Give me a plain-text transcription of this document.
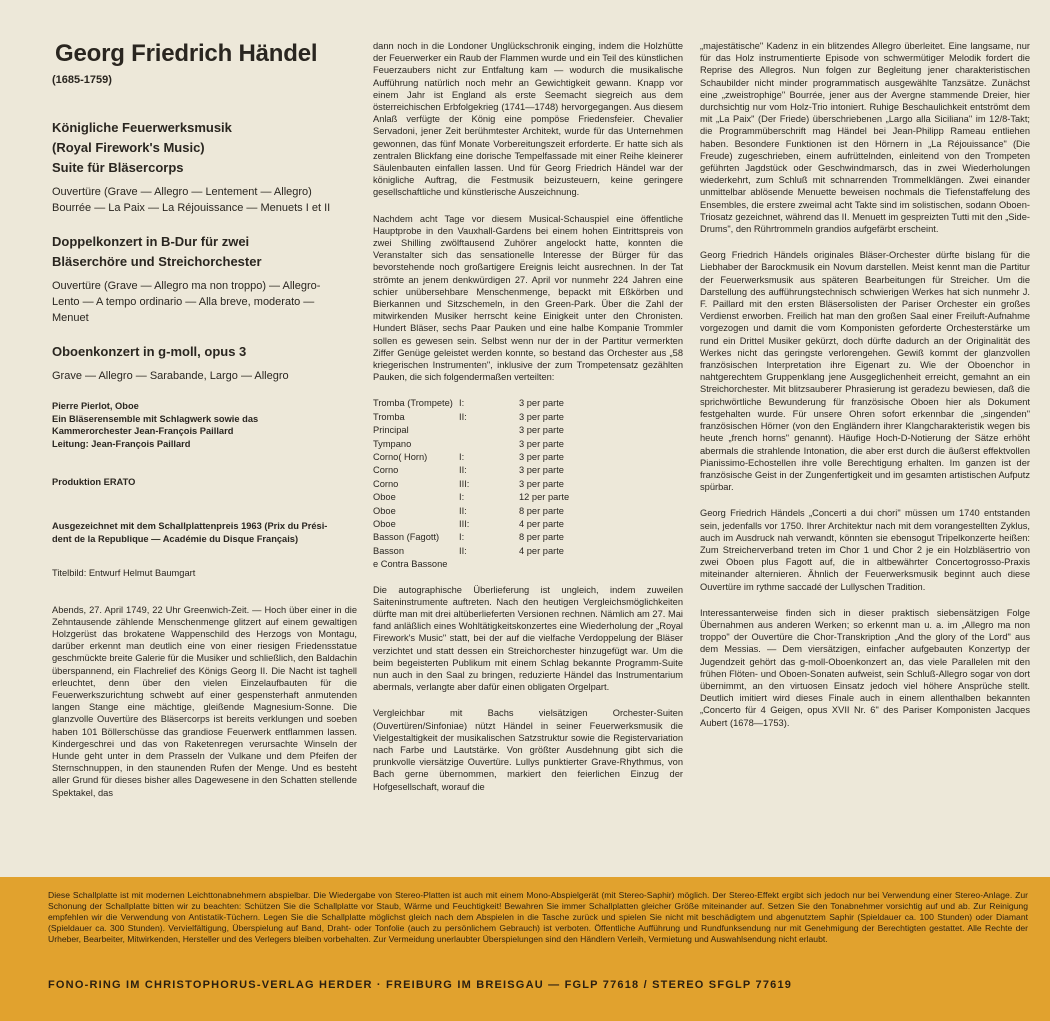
Georg Friedrich Händel
(1685-1759)
Königliche Feuerwerksmusik
(Royal Firework's Music)
Suite für Bläsercorps
Ouvertüre (Grave — Allegro — Lentement — Allegro)
Bourrée — La Paix — La Réjouissance — Menuets I et II
Doppelkonzert in B-Dur für zwei
Bläserchöre und Streichorchester
Ouvertüre (Grave — Allegro ma non troppo) — Allegro-
Lento — A tempo ordinario — Alla breve, moderato —
Menuet
Oboenkonzert in g-moll, opus 3
Grave — Allegro — Sarabande, Largo — Allegro
Pierre Pierlot, Oboe
Ein Bläserensemble mit Schlagwerk sowie das
Kammerorchester Jean-François Paillard
Leitung: Jean-François Paillard
Produktion ERATO
Ausgezeichnet mit dem Schallplattenpreis 1963 (Prix du Prési-
dent de la Republique — Académie du Disque Français)
Titelbild: Entwurf Helmut Baumgart

Abends, 27. April 1749, 22 Uhr Greenwich-Zeit. — Hoch über einer in die Zehntausende zählende Menschenmenge glitzert auf einem gewaltigen Holzgerüst das brokatene Wappenschild des Herzogs von Montagu, darüber erkennt man deutlich eine von einer riesigen Friedensstatue geschmückte breite Galerie für die Musiker und schließlich, den Baldachin überspannend, ein Flachrelief des Königs Georg II. Die Nacht ist taghell erleuchtet, denn über den vielen Einzelaufbauten für die Feuerwerkszurichtung schwebt auf einer gespensterhaft anmutenden langen Stange eine mächtige, gleißende Magnesium-Sonne. Die glanzvolle Ouvertüre des Bläsercorps ist bereits verklungen und soeben haben 101 Böllerschüsse das grandiose Feuerwerk entflammen lassen. Kindergeschrei und das von Raketenregen verursachte Winseln der Hunde geht unter in dem Prasseln der Vulkane und dem Pfeifen der Sternschnuppen, in den staunenden Rufen der Menge. Und es besteht aller Grund für dieses bisher alles Dagewesene in den Schatten stellende Spektakel, das

dann noch in die Londoner Unglückschronik einging, indem die Holzhütte der Feuerwerker ein Raub der Flammen wurde und ein Teil des künstlichen Feuerzaubers nicht zur Entfaltung kam — wodurch die musikalische Aufführung natürlich noch mehr an Gewichtigkeit gewann. Knapp vor einem Jahr ist England als erste Seemacht siegreich aus dem österreichischen Erbfolgekrieg (1741—1748) hervorgegangen. Aus diesem Anlaß verfügte der König eine pompöse Friedensfeier. Chevalier Servadoni, jener Zeit berühmtester Architekt, wurde für das Unternehmen gewonnen, das fünf Monate Vorbereitungszeit erforderte. Er hatte sich als zentralen Blickfang eine dorische Tempelfassade mit einer Reihe kleinerer Säulenbauten einfallen lassen. Und für Georg Friedrich Händel war der königliche Auftrag, die Festmusik beizusteuern, keine geringere gesellschaftliche und künstlerische Auszeichnung.

Nachdem acht Tage vor diesem Musical-Schauspiel eine öffentliche Hauptprobe in den Vauxhall-Gardens bei einem hohen Eintrittspreis von zwei Shilling zwölftausend Zuhörer angelockt hatte, konnten die Veranstalter sich das sensationelle Interesse der Bürger für das bevorstehende noch großartigere Ereignis leicht ausrechnen. In der Tat strömte an jenem denkwürdigen 27. April vor nunmehr 224 Jahren eine schier unübersehbare Menschenmenge, bepackt mit Eßkörben und Bierkannen und Sitzschemeln, in den Green-Park. Über die Zahl der mitwirkenden Musiker herrscht keine Einigkeit unter den Chronisten. Hundert Bläser, sechs Paar Pauken und eine halbe Kompanie Trommler sollen es gewesen sein. Selbst wenn nur der in der Partitur vermerkten Ziffer Genüge geleistet werden konnte, so bestand das Orchester aus „58 kriegerischen Instrumenten", inklusive der zum Trompetensatz gezählten Pauken, die sich folgendermaßen verteilten:

Tromba (Trompete) I:	3 per parte
Tromba	II:	3 per parte
Principal	3 per parte
Tympano	3 per parte
Corno( Horn)	I:	3 per parte
Corno	II:	3 per parte
Corno	III:	3 per parte
Oboe	I:	12 per parte
Oboe	II:	8 per parte
Oboe	III:	4 per parte
Basson (Fagott)	I:	8 per parte
Basson	II:	4 per parte
e Contra Bassone

Die autographische Überlieferung ist ungleich, indem zuweilen Saiteninstrumente auftreten. Nach den heutigen Vergleichsmöglichkeiten dürfte man mit drei altüberlieferten Versionen rechnen. Nämlich am 27. Mai fand anläßlich eines Wohltätigkeitskonzertes eine Wiederholung der „Royal Firework's Music" statt, bei der auf die vielfache Verdoppelung der Bläser verzichtet und statt dessen ein Streichorchester hinzugefügt war. Um die beim begeisterten Publikum mit einem Schlag bekannte Programm-Suite nun auch in den Saal zu bringen, reduzierte Händel das Instrumentarium abermals, verlangte aber dafür einen obligaten Orgelpart.

Vergleichbar mit Bachs vielsätzigen Orchester-Suiten (Ouvertüren/Sinfoniae) nützt Händel in seiner Feuerwerksmusik die Vielgestaltigkeit der musikalischen Satzstruktur sowie die Registervariation nach Farbe und Lautstärke. Von größter Ausdehnung gibt sich die prunkvolle viersätzige Ouvertüre. Lullys punktierter Grave-Rhythmus, von Bach gerne übernommen, markiert den feierlichen Einzug der Hofgesellschaft, worauf die

„majestätische" Kadenz in ein blitzendes Allegro überleitet. Eine langsame, nur für das Holz instrumentierte Episode von schwermütiger Melodik fordert die Reprise des Allegros. Nun folgen zur Begleitung jener charakteristischen Schaubilder nicht minder programmatisch ausgewählte Tanzsätze. Zunächst eine „zweistrophige" Bourrée, jener aus der Avergne stammende Dreier, hier durchsichtig nur vom Holz-Trio intoniert. Ruhige Beschaulichkeit entströmt dem mit „La Paix" (Der Friede) überschriebenen „Largo alla Siciliana" im 12/8-Takt; die Programmüberschrift mag Händel bei Jean-Philipp Rameau entliehen haben. Besondere Funktionen ist den Hörnern in „La Réjouissance" (Die Freude) zugeschrieben, einem aufrüttelnden, einleitend von den Trompeten geführten Jagdstück oder Geschwindmarsch, das in zwei Wiederholungen wiederkehrt, zum Schluß mit schnarrenden Trommelklängen. Zwei einander unmittelbar ablösende Menuette beweisen nochmals die Tiefenstaffelung des Ensembles, die erstere zweimal acht Takte sind im solistischen, sodann Oboen-Triosatz gezeichnet, während das II. Menuett im gespreizten Tutti mit den „Side-Drums", den Rührtrommeln grandios aufgefärbt erscheint.

Georg Friedrich Händels originales Bläser-Orchester dürfte bislang für die Liebhaber der Barockmusik ein Novum darstellen. Meist kennt man die Partitur der Feuerwerksmusik aus späteren Bearbeitungen für Streicher. Um die Darstellung des aufführungstechnisch schwierigen Werkes hat sich nunmehr J. F. Paillard mit den ersten Bläsersolisten der Pariser Orchester ein großes Verdienst erworben. Freilich hat man den großen Saal einer Freiluft-Aufnahme vorgezogen und damit die vom Komponisten geforderte Orchesterstärke um rund ein Drittel Musiker gekürzt, doch dürfte dadurch an der Originalität des Werkes nicht das geringste verlorengehen. Gewiß kommt der glanzvollen französischen Interpretation ihre Eigenart zu. Wie der Oboenchor in nahtgerechtem Gruppenklang jene Ausgeglichenheit erreicht, gemahnt an ein Streichorchester. Mit blitzsauberer Phrasierung ist geradezu bewiesen, daß die sprichwörtliche Bewunderung für französische Oboen hier als Dokument festgehalten wurde. Für unsere Ohren sofort erkennbar die „singenden" französischen Hörner (von den Engländern ihrer Klangcharakteristik wegen bis heute „french horns" genannt). Häufige Hoch-D-Notierung der Sätze erhöht abermals die strahlende Intonation, die aber erst durch die äußerst effektvollen Pianissimo-Echostellen ihre volle Berechtigung erhalten. Im ganzen ist der französische Geist in der Zungenfertigkeit und im gesamten artistischen Aufputz spürbar.

Georg Friedrich Händels „Concerti a dui chori" müssen um 1740 entstanden sein, jedenfalls vor 1750. Ihrer Architektur nach mit dem vorangestellten Zyklus, auch im Ausdruck nah verwandt, könnten sie ebensogut Tripelkonzerte heißen: Zum Streicherverband treten im Chor 1 und Chor 2 je ein Holzbläsertrio von zwei Oboen plus Fagott auf, die in altbewährter Concertogrosso-Praxis miteinander alternieren. Ähnlich der Feuerwerksmusik beginnt auch diese Ouvertüre im rythme saccadé der Lullyschen Tradition.

Interessanterweise finden sich in dieser praktisch siebensätzigen Folge Übernahmen aus anderen Werken; so erkennt man u. a. im „Allegro ma non troppo" der Ouvertüre die Chor-Transkription „And the glory of the Lord" aus dem Messias. — Dem viersätzigen, einfacher aufgebauten Konzertyp der Jugendzeit gehört das g-moll-Oboenkonzert an, das viele Parallelen mit den frühen Flöten- und Oboen-Sonaten aufweist, sein Schluß-Allegro sogar von dort übernimmt, an den virtuosen Einsatz jedoch viel höhere Ansprüche stellt. Deutlich imitiert wird dieses Finale auch in einem allenthalben bekannten „Concerto für 4 Geigen, opus XVII Nr. 6" des Pariser Komponisten Jacques Aubert (1678—1753).

Diese Schallplatte ist mit modernen Leichttonabnehmern abspielbar. Die Wiedergabe von Stereo-Platten ist auch mit einem Mono-Abspielgerät (mit Stereo-Saphir) möglich. Der Stereo-Effekt ergibt sich jedoch nur bei Verwendung einer Stereo-Anlage. Zur Schonung der Schallplatte bitten wir zu beachten: Schützen Sie die Schallplatte vor Staub, Wärme und Feuchtigkeit! Bewahren Sie immer Schallplatten gleicher Größe miteinander auf. Setzen Sie den Tonabnehmer vorsichtig auf und ab. Zur Reinigung empfehlen wir die Verwendung von Antistatik-Tüchern. Legen Sie die Schallplatte möglichst gleich nach dem Abspielen in die Tasche zurück und spielen Sie nicht mit beschädigtem und abgenutztem Saphir (Spieldauer ca. 100 Stunden) oder Diamant (Spieldauer ca. 300 Stunden). Vervielfältigung, Überspielung auf Band, Draht- oder Tonfolie (auch zu persönlichem Gebrauch) ist verboten. Öffentliche Aufführung und Rundfunksendung nur mit Genehmigung der Berechtigten gestattet. Alle Rechte der Urheber, Bearbeiter, Mitwirkenden, Hersteller und des Verlegers bleiben vorbehalten. Zur Vermeidung unerlaubter Überspielungen sind den Händlern Verleih, Vermietung und Auswahlsendung nicht erlaubt.
FONO-RING IM CHRISTOPHORUS-VERLAG HERDER · FREIBURG IM BREISGAU — FGLP 77618 / STEREO SFGLP 77619
